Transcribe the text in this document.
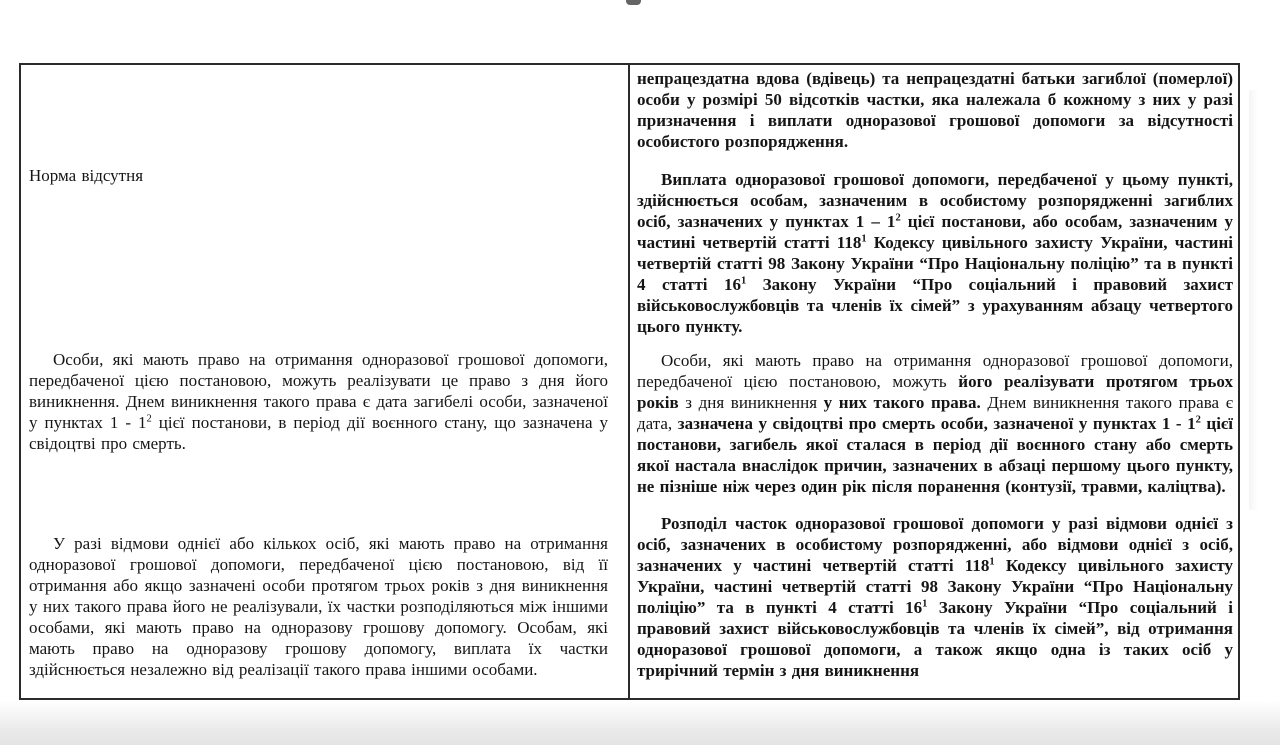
Норма відсутня

Особи, які мають право на отримання одноразової грошової допомоги, передбаченої цією постановою, можуть реалізувати це право з дня його виникнення. Днем виникнення такого права є дата загибелі особи, зазначеної у пунктах $1 - 1^2$ цієї постанови, в період дії воєнного стану, що зазначена у свідоцтві про смерть.

У разі відмови однієї або кількох осіб, які мають право на отримання одноразової грошової допомоги, передбаченої цією постановою, від її отримання або якщо зазначені особи протягом трьох років з дня виникнення у них такого права його не реалізували, їх частки розподіляються між іншими особами, які мають право на одноразову грошову допомогу. Особам, які мають право на одноразову грошову допомогу, виплата їх частки здійснюється незалежно від реалізації такого права іншими особами.

непрацездатна вдова (вдівець) та непрацездатні батьки загиблої (померлої) особи у розмірі 50 відсотків частки, яка належала б кожному з них у разі призначення і виплати одноразової грошової допомоги за відсутності особистого розпорядження.

Виплата одноразової грошової допомоги, передбаченої у цьому пункті, здійснюється особам, зазначеним в особистому розпорядженні загиблих осіб, зазначених у пунктах $1 - 1^2$ цієї постанови, або особам, зазначеним у частині четвертій статті $118^1$ Кодексу цивільного захисту України, частині четвертій статті 98 Закону України “Про Національну поліцію” та в пункті 4 статті $16^1$ Закону України “Про соціальний і правовий захист військовослужбовців та членів їх сімей” з урахуванням абзацу четвертого цього пункту.

Особи, які мають право на отримання одноразової грошової допомоги, передбаченої цією постановою, можуть його реалізувати протягом трьох років з дня виникнення у них такого права. Днем виникнення такого права є дата, зазначена у свідоцтві про смерть особи, зазначеної у пунктах $1 - 1^2$ цієї постанови, загибель якої сталася в період дії воєнного стану або смерть якої настала внаслідок причин, зазначених в абзаці першому цього пункту, не пізніше ніж через один рік після поранення (контузії, травми, каліцтва).

Розподіл часток одноразової грошової допомоги у разі відмови однієї з осіб, зазначених в особистому розпорядженні, або відмови однієї з осіб, зазначених у частині четвертій статті $118^1$ Кодексу цивільного захисту України, частині четвертій статті 98 Закону України “Про Національну поліцію” та в пункті 4 статті $16^1$ Закону України “Про соціальний і правовий захист військовослужбовців та членів їх сімей”, від отримання одноразової грошової допомоги, а також якщо одна із таких осіб у трирічний термін з дня виникнення
